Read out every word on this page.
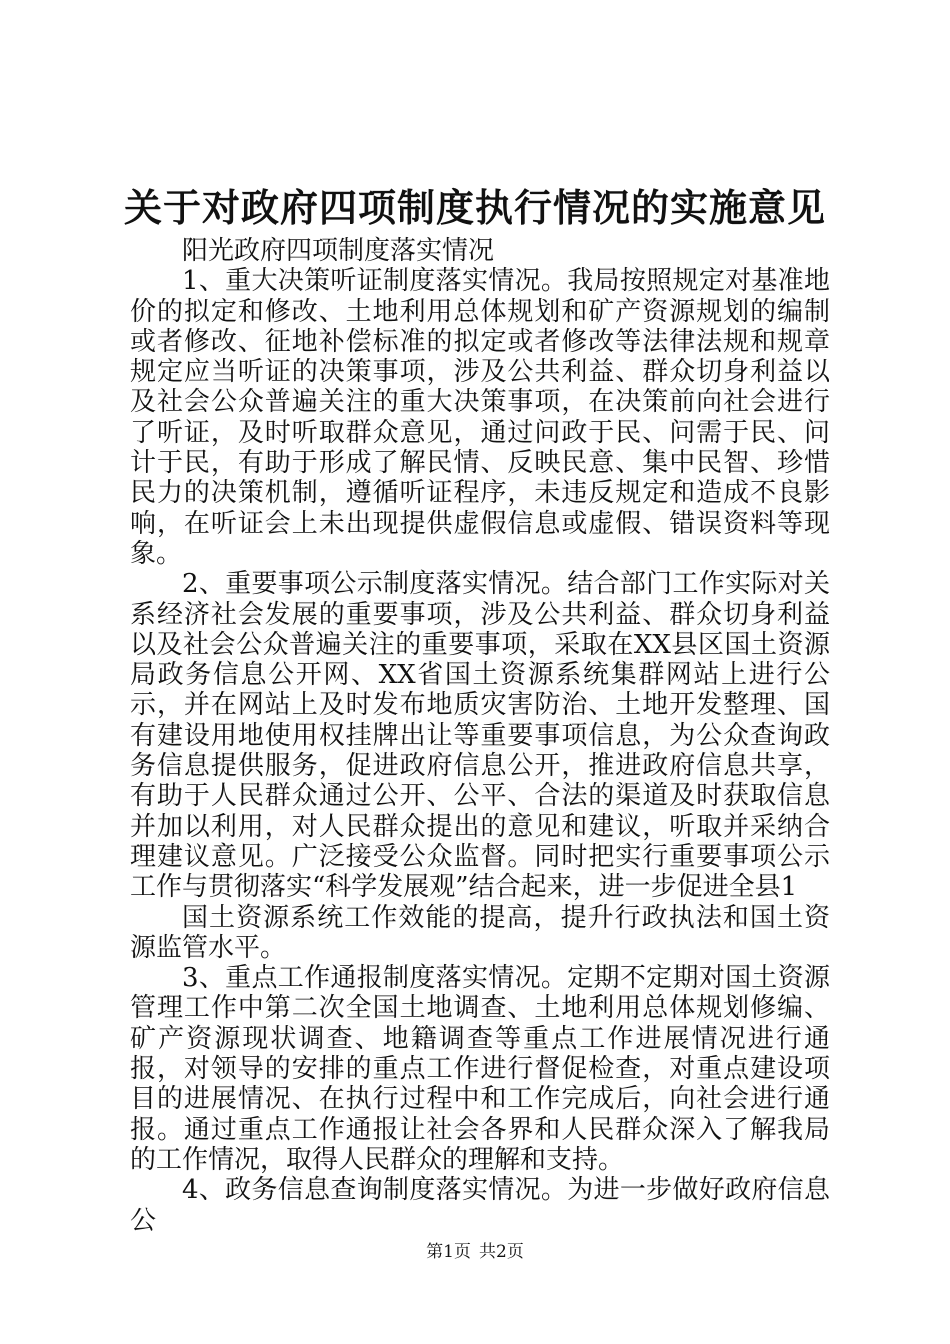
关于对政府四项制度执行情况的实施意见

阳光政府四项制度落实情况

1、重大决策听证制度落实情况。我局按照规定对基准地价的拟定和修改、土地利用总体规划和矿产资源规划的编制或者修改、征地补偿标准的拟定或者修改等法律法规和规章规定应当听证的决策事项，涉及公共利益、群众切身利益以及社会公众普遍关注的重大决策事项，在决策前向社会进行了听证，及时听取群众意见，通过问政于民、问需于民、问计于民，有助于形成了解民情、反映民意、集中民智、珍惜民力的决策机制，遵循听证程序，未违反规定和造成不良影响，在听证会上未出现提供虚假信息或虚假、错误资料等现象。

2、重要事项公示制度落实情况。结合部门工作实际对关系经济社会发展的重要事项，涉及公共利益、群众切身利益以及社会公众普遍关注的重要事项，采取在XX县区国土资源局政务信息公开网、XX省国土资源系统集群网站上进行公示，并在网站上及时发布地质灾害防治、土地开发整理、国有建设用地使用权挂牌出让等重要事项信息，为公众查询政务信息提供服务，促进政府信息公开，推进政府信息共享，有助于人民群众通过公开、公平、合法的渠道及时获取信息并加以利用，对人民群众提出的意见和建议，听取并采纳合理建议意见。广泛接受公众监督。同时把实行重要事项公示工作与贯彻落实“科学发展观”结合起来，进一步促进全县1

国土资源系统工作效能的提高，提升行政执法和国土资源监管水平。

3、重点工作通报制度落实情况。定期不定期对国土资源管理工作中第二次全国土地调查、土地利用总体规划修编、矿产资源现状调查、地籍调查等重点工作进展情况进行通报，对领导的安排的重点工作进行督促检查，对重点建设项目的进展情况、在执行过程中和工作完成后，向社会进行通报。通过重点工作通报让社会各界和人民群众深入了解我局的工作情况，取得人民群众的理解和支持。

4、政务信息查询制度落实情况。为进一步做好政府信息公

第1页 共2页
